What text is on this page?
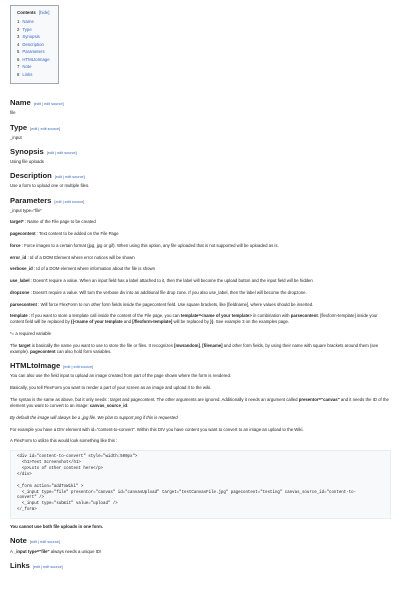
Contents [hide]
1 Name
2 Type
3 Synopsis
4 Description
5 Parameters
6 HTMLtoImage
7 Note
8 Links
Name [edit | edit source]

file

Type [edit | edit source]

_input

Synopsis [edit | edit source]

Using file uploads

Description [edit | edit source]

Use a form to upload one or multiple files.

Parameters [edit | edit source]

_input type="file"

target* : Name of the File page to be created

pagecontent : Text content to be added on the File Page

force : Force images to a certain format (jpg, jpg or gif). When using this option, any file uploaded that is not supported will be uploaded as is.

error_id : Id of a DOM Element where error notices will be shown

verbose_id : Id of a DOM element where information about the file is shown

use_label : Doesn't require a value. When an input field has a label attached to it, then the label will become the upload button and the input field will be hidden

dropzone : Doesn't require a value. Will turn the verbose div into an additional file drop zone. If you also use_label, then the label will become the dropzone.

parsecontent : Will force FlexForm to run other form fields inside the pagecontent field. Use square brackets, like [fieldname], where values should be inserted.

template : If you want to store a template call inside the content of the File page, you can template=<name of your template> in combination with parsecontent. [flexform-template] inside your content field will be replaced by {{<name of your template and [/flexform-template] will be replaced by }}. See example 3 on the examples page.

*= a required variable

The target is basically the name you want to use to store the file or files. It recognizes [mwrandom], [filename] and other form fields, by using their name with square brackets around them (see example). pagecontent can also hold form variables.

HTMLtoImage [edit | edit source]

You can also use the field input to upload an image created from part of the page shown where the form is rendered.

Basically, you tell FlexForm you want to render a part of your screen as an image and upload it to the wiki.

The syntax is the same as above, but it only needs : target and pagecontent. The other arguments are ignored. Additionally it needs an argument called presentor="canvas" and it needs the ID of the element you want to convert to an image: canvas_source_id.

By default the image will always be a .jpg file. We plan to support png if this is requested

For example you have a DIV element with id="content-to-convert". Within this DIV you have content you want to convert to an image an upload to the Wiki.

A FlexForm to utilize this would look something like this :

<div id="content-to-convert" style="width:500px">
<h1>Test Screenshot</h1>
<p>Lots of other content here</p>
</div>

<_form action="addToWiki" >
<_input type="file" presentor="canvas" id="canvasUpload" target="testCanvasFile.jpg" pagecontent="testing" canvas_source_id="content-to-
convert" />
<_input type="submit" value="upload" />
</_form>

You cannot use both file uploads in one form.

Note [edit | edit source]

A _input type="file" always needs a unique ID!

Links [edit | edit source]
